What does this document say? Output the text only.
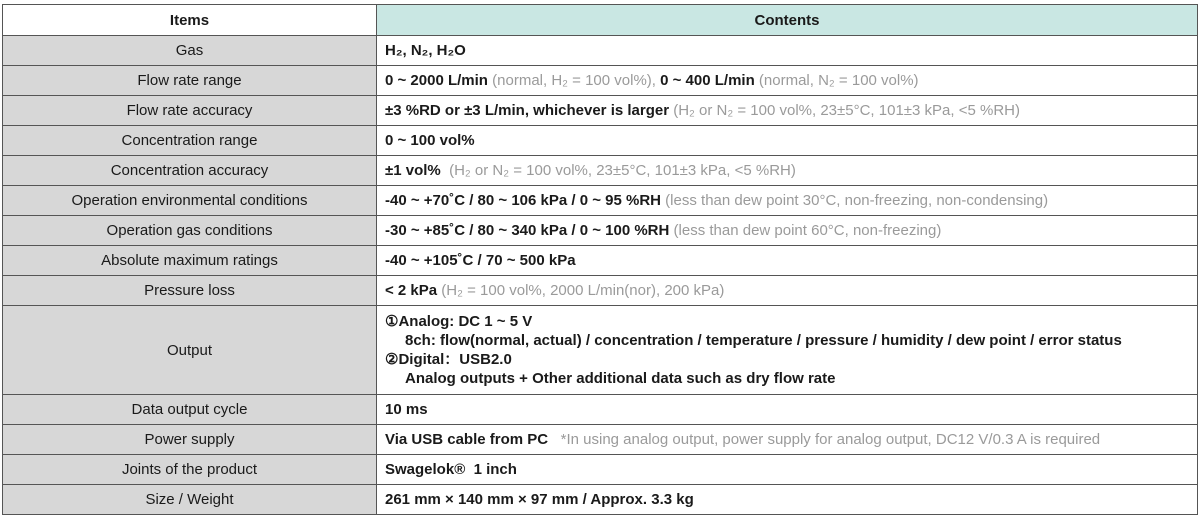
Items	Contents
Gas	H₂, N₂, H₂O
Flow rate range	0 ~ 2000 L/min (normal, H₂ = 100 vol%), 0 ~ 400 L/min (normal, N₂ = 100 vol%)
Flow rate accuracy	±3 %RD or ±3 L/min, whichever is larger (H₂ or N₂ = 100 vol%, 23±5°C, 101±3 kPa, <5 %RH)
Concentration range	0 ~ 100 vol%
Concentration accuracy	±1 vol%  (H₂ or N₂ = 100 vol%, 23±5°C, 101±3 kPa, <5 %RH)
Operation environmental conditions	-40 ~ +70˚C / 80 ~ 106 kPa / 0 ~ 95 %RH (less than dew point 30°C, non-freezing, non-condensing)
Operation gas conditions	-30 ~ +85˚C / 80 ~ 340 kPa / 0 ~ 100 %RH (less than dew point 60°C, non-freezing)
Absolute maximum ratings	-40 ~ +105˚C / 70 ~ 500 kPa
Pressure loss	< 2 kPa (H₂ = 100 vol%, 2000 L/min(nor), 200 kPa)
Output	①Analog: DC 1 ~ 5 V
8ch: flow(normal, actual) / concentration / temperature / pressure / humidity / dew point / error status
②Digital：USB2.0
Analog outputs + Other additional data such as dry flow rate

Data output cycle	10 ms
Power supply	Via USB cable from PC   *In using analog output, power supply for analog output, DC12 V/0.3 A is required
Joints of the product	Swagelok®  1 inch
Size / Weight	261 mm × 140 mm × 97 mm / Approx. 3.3 kg
